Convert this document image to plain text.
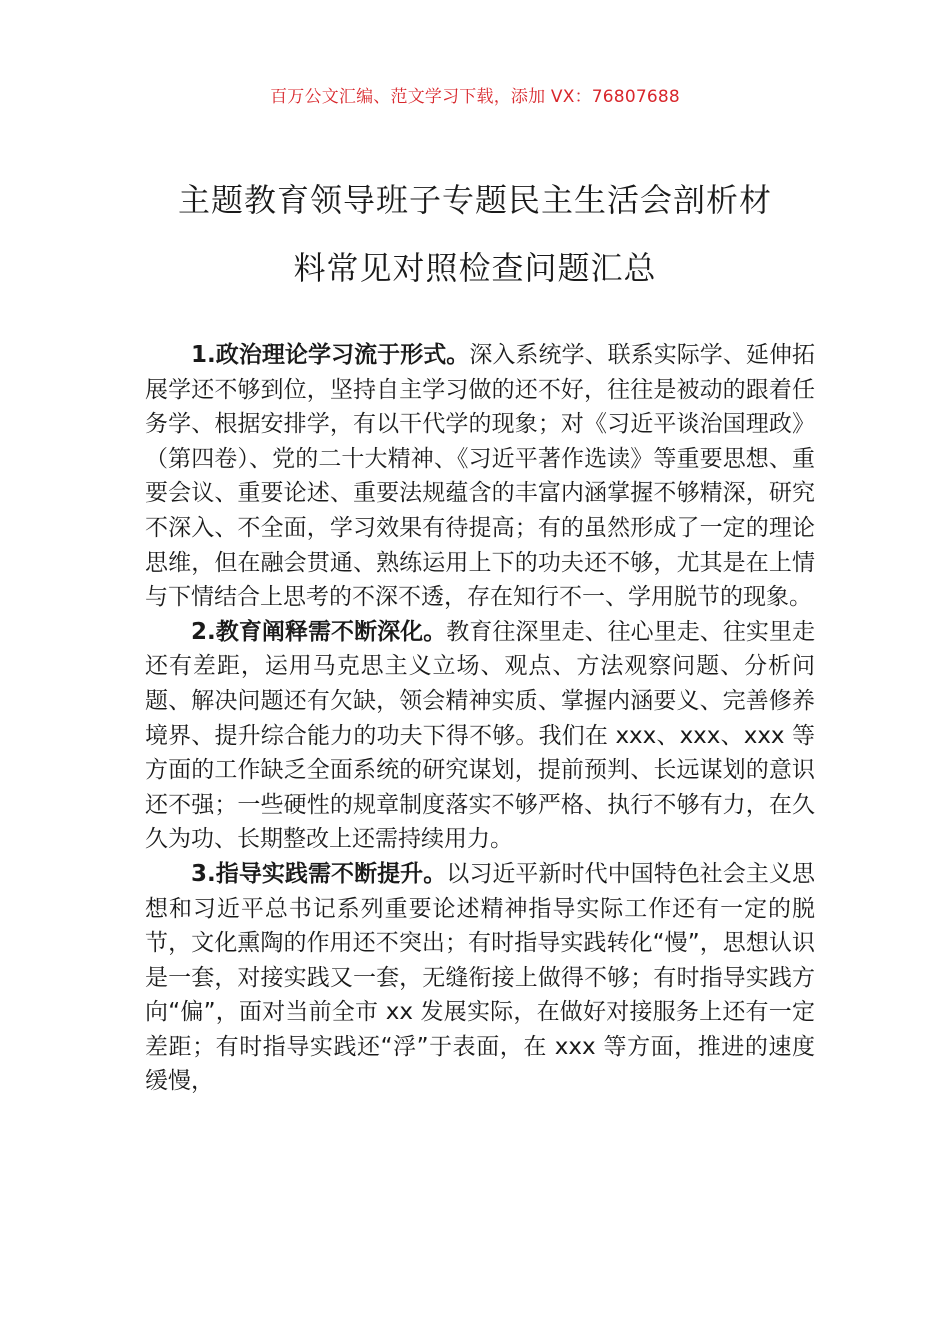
百万公文汇编、范文学习下载，添加 VX：76807688
主题教育领导班子专题民主生活会剖析材
料常见对照检查问题汇总

1.政治理论学习流于形式。深入系统学、联系实际学、延伸拓展学还不够到位，坚持自主学习做的还不好，往往是被动的跟着任务学、根据安排学，有以干代学的现象；对《习近平谈治国理政》（第四卷）、党的二十大精神、《习近平著作选读》等重要思想、重要会议、重要论述、重要法规蕴含的丰富内涵掌握不够精深，研究不深入、不全面，学习效果有待提高；有的虽然形成了一定的理论思维，但在融会贯通、熟练运用上下的功夫还不够，尤其是在上情与下情结合上思考的不深不透，存在知行不一、学用脱节的现象。

2.教育阐释需不断深化。教育往深里走、往心里走、往实里走还有差距，运用马克思主义立场、观点、方法观察问题、分析问题、解决问题还有欠缺，领会精神实质、掌握内涵要义、完善修养境界、提升综合能力的功夫下得不够。我们在 xxx、xxx、xxx 等方面的工作缺乏全面系统的研究谋划，提前预判、长远谋划的意识还不强；一些硬性的规章制度落实不够严格、执行不够有力，在久久为功、长期整改上还需持续用力。

3.指导实践需不断提升。以习近平新时代中国特色社会主义思想和习近平总书记系列重要论述精神指导实际工作还有一定的脱节，文化熏陶的作用还不突出；有时指导实践转化“慢”，思想认识是一套，对接实践又一套，无缝衔接上做得不够；有时指导实践方向“偏”，面对当前全市 xx 发展实际，在做好对接服务上还有一定差距；有时指导实践还“浮”于表面，在 xxx 等方面，推进的速度缓慢，
